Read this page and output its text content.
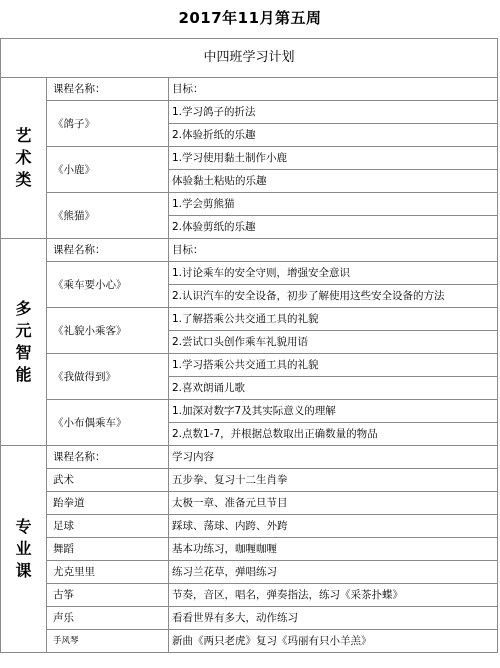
2017年11月第五周
中四班学习计划		

艺
术
类	课程名称：	目标：
	《鸽子》	1.学习鸽子的折法
		2.体验折纸的乐趣
	《小鹿》	1.学习使用黏土制作小鹿
		体验黏土粘贴的乐趣
	《熊猫》	1.学会剪熊猫
		2.体验剪纸的乐趣

多
元
智
能	课程名称：	目标：
	《乘车要小心》	1.讨论乘车的安全守则，增强安全意识
		2.认识汽车的安全设备，初步了解使用这些安全设备的方法
	《礼貌小乘客》	1.了解搭乘公共交通工具的礼貌
		2.尝试口头创作乘车礼貌用语
	《我做得到》	1.学习搭乘公共交通工具的礼貌
		2.喜欢朗诵儿歌
	《小布偶乘车》	1.加深对数字7及其实际意义的理解
		2.点数1-7，并根据总数取出正确数量的物品

专
业
课	课程名称：	学习内容
	武术	五步拳、复习十二生肖拳
	跆拳道	太极一章、准备元旦节目
	足球	踩球、荡球、内跨、外跨
	舞蹈	基本功练习，咖喱咖喱
	尤克里里	练习兰花草，弹唱练习
	古筝	节奏，音区，唱名，弹奏指法，练习《采茶扑蝶》
	声乐	看看世界有多大，动作练习
	手风琴	新曲《两只老虎》复习《玛丽有只小羊羔》
